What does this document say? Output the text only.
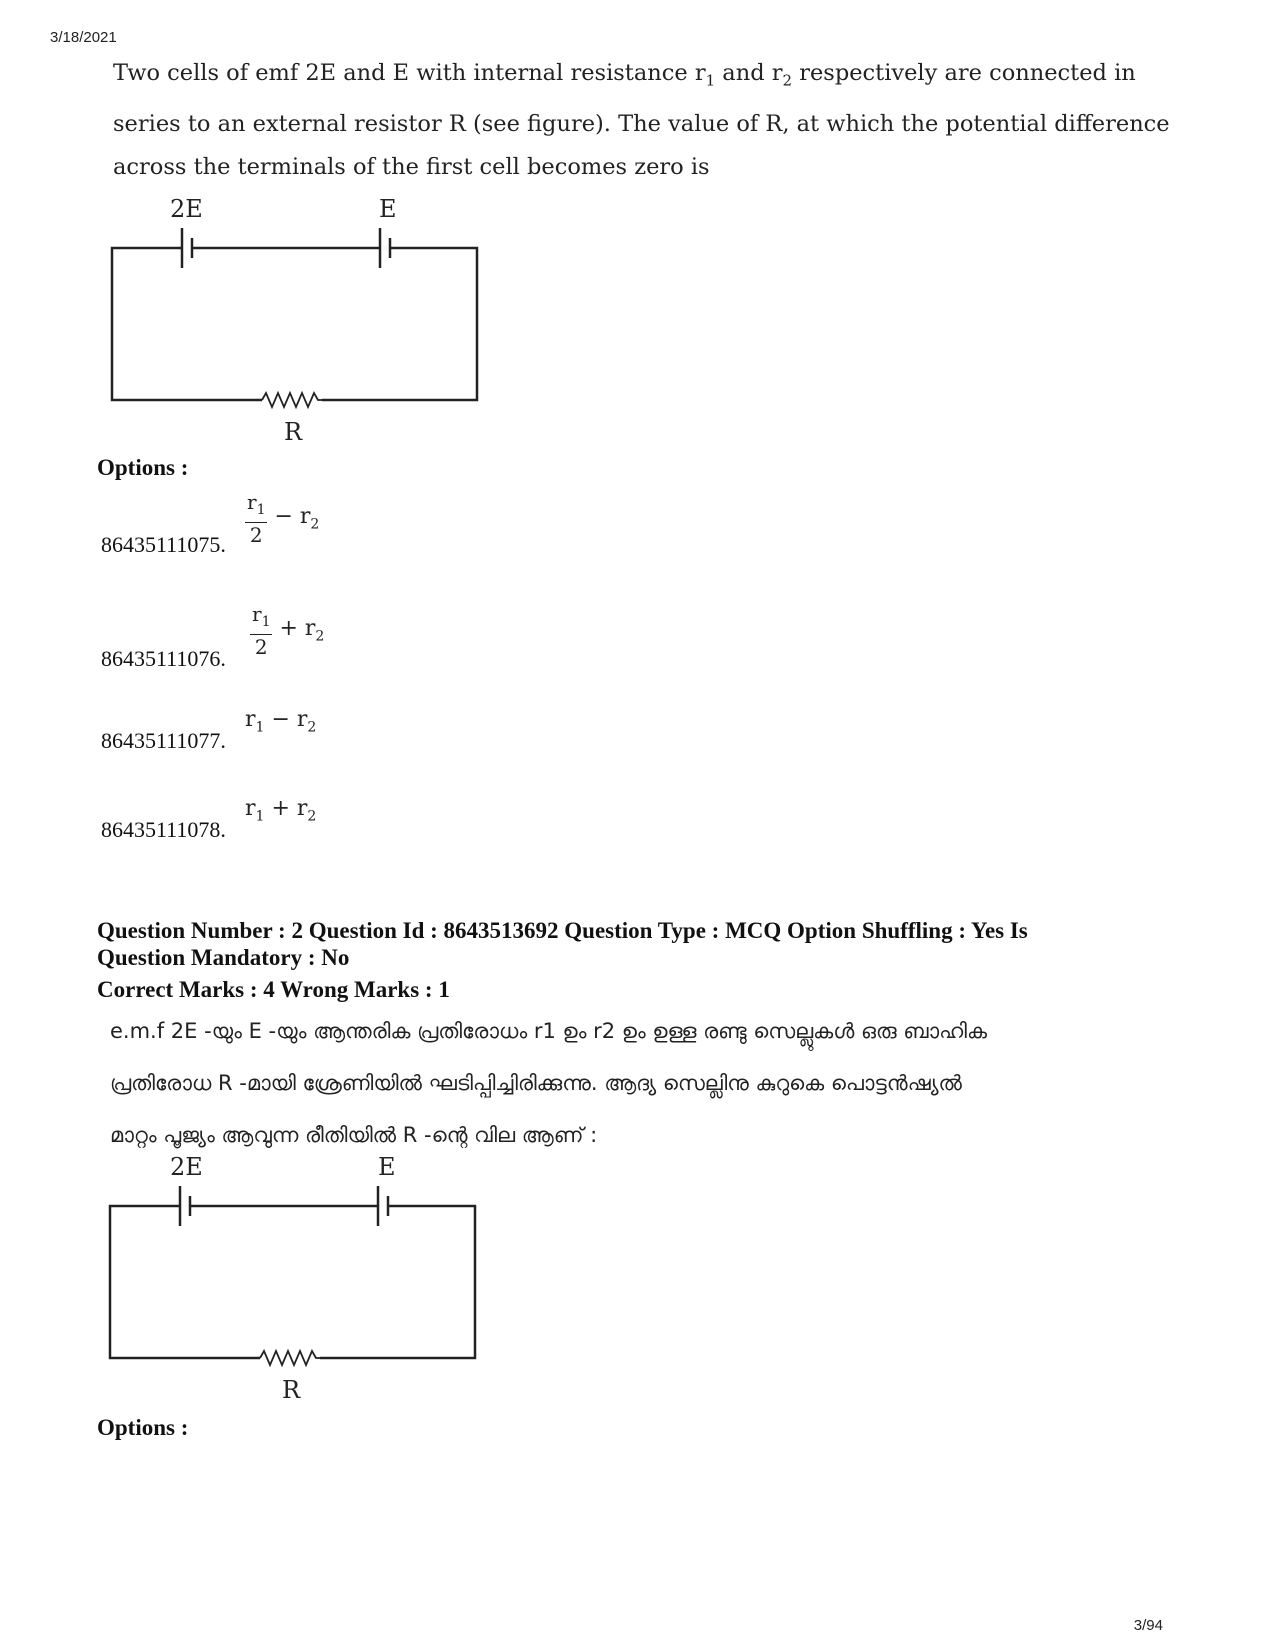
3/18/2021
Two cells of emf 2E and E with internal resistance $r_1$ and $r_2$ respectively are connected in
series to an external resistor R (see figure). The value of R, at which the potential difference
across the terminals of the first cell becomes zero is
2E	E
R
Options :
86435111075. $\frac{r_1}{2} - r_2$
86435111076. $\frac{r_1}{2} + r_2$
86435111077.
$r_1 - r_2$
86435111078.
$r_1 + r_2$
Question Number : 2 Question Id : 8643513692 Question Type : MCQ Option Shuffling : Yes Is
Question Mandatory : No
Correct Marks : 4 Wrong Marks : 1
e.m.f 2E -യും E -യും ആന്തരിക പ്രതിരോധം r1 ഉം r2 ഉം ഉള്ള രണ്ടു സെല്ലുകൾ ഒരു ബാഹിക
പ്രതിരോധ R -മായി ശ്രേണിയിൽ ഘടിപ്പിച്ചിരിക്കുന്നു. ആദ്യ സെല്ലിനു കുറുകെ പൊട്ടൻഷ്യൽ
മാറ്റം പൂജ്യം ആവുന്ന രീതിയിൽ R -ന്റെ വില ആണ് :
2E	E
R
Options :
3/94
